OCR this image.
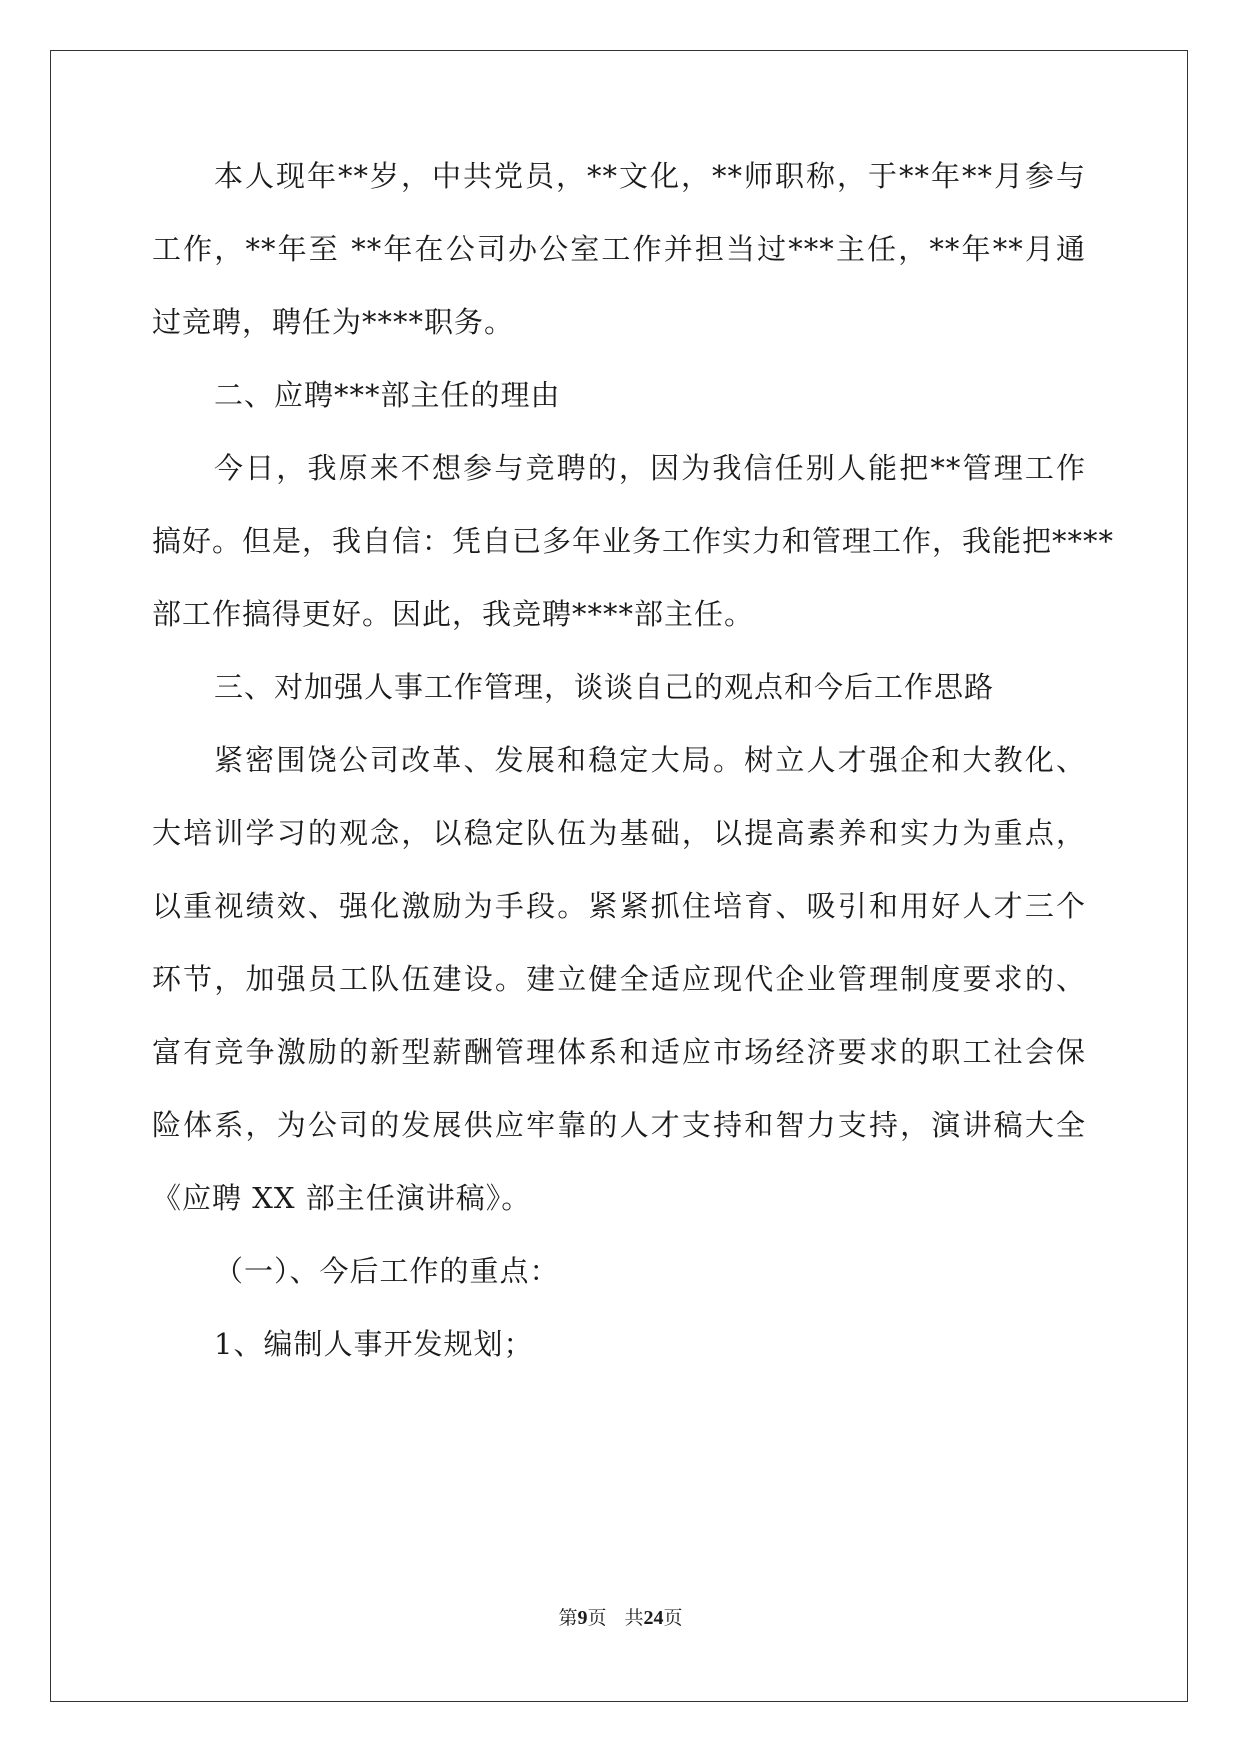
本人现年**岁，中共党员，**文化，**师职称，于**年**月参与
工作，**年至 **年在公司办公室工作并担当过***主任，**年**月通
过竞聘，聘任为****职务。
二、应聘***部主任的理由
今日，我原来不想参与竞聘的，因为我信任别人能把**管理工作
搞好。但是，我自信：凭自已多年业务工作实力和管理工作，我能把****
部工作搞得更好。因此，我竞聘****部主任。
三、对加强人事工作管理，谈谈自己的观点和今后工作思路
紧密围饶公司改革、发展和稳定大局。树立人才强企和大教化、
大培训学习的观念，以稳定队伍为基础，以提高素养和实力为重点，
以重视绩效、强化激励为手段。紧紧抓住培育、吸引和用好人才三个
环节，加强员工队伍建设。建立健全适应现代企业管理制度要求的、
富有竞争激励的新型薪酬管理体系和适应市场经济要求的职工社会保
险体系，为公司的发展供应牢靠的人才支持和智力支持，演讲稿大全
《应聘 XX 部主任演讲稿》。
（一）、今后工作的重点：
1、编制人事开发规划；
第9页 共24页
